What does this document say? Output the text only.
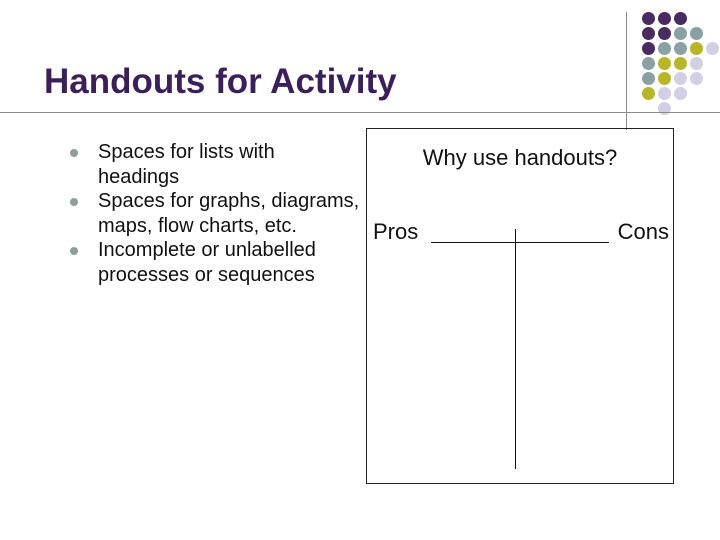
Handouts for Activity
Spaces for lists with headings
Spaces for graphs, diagrams, maps, flow charts, etc.
Incomplete or unlabelled processes or sequences
Why use handouts?
Pros	Cons
